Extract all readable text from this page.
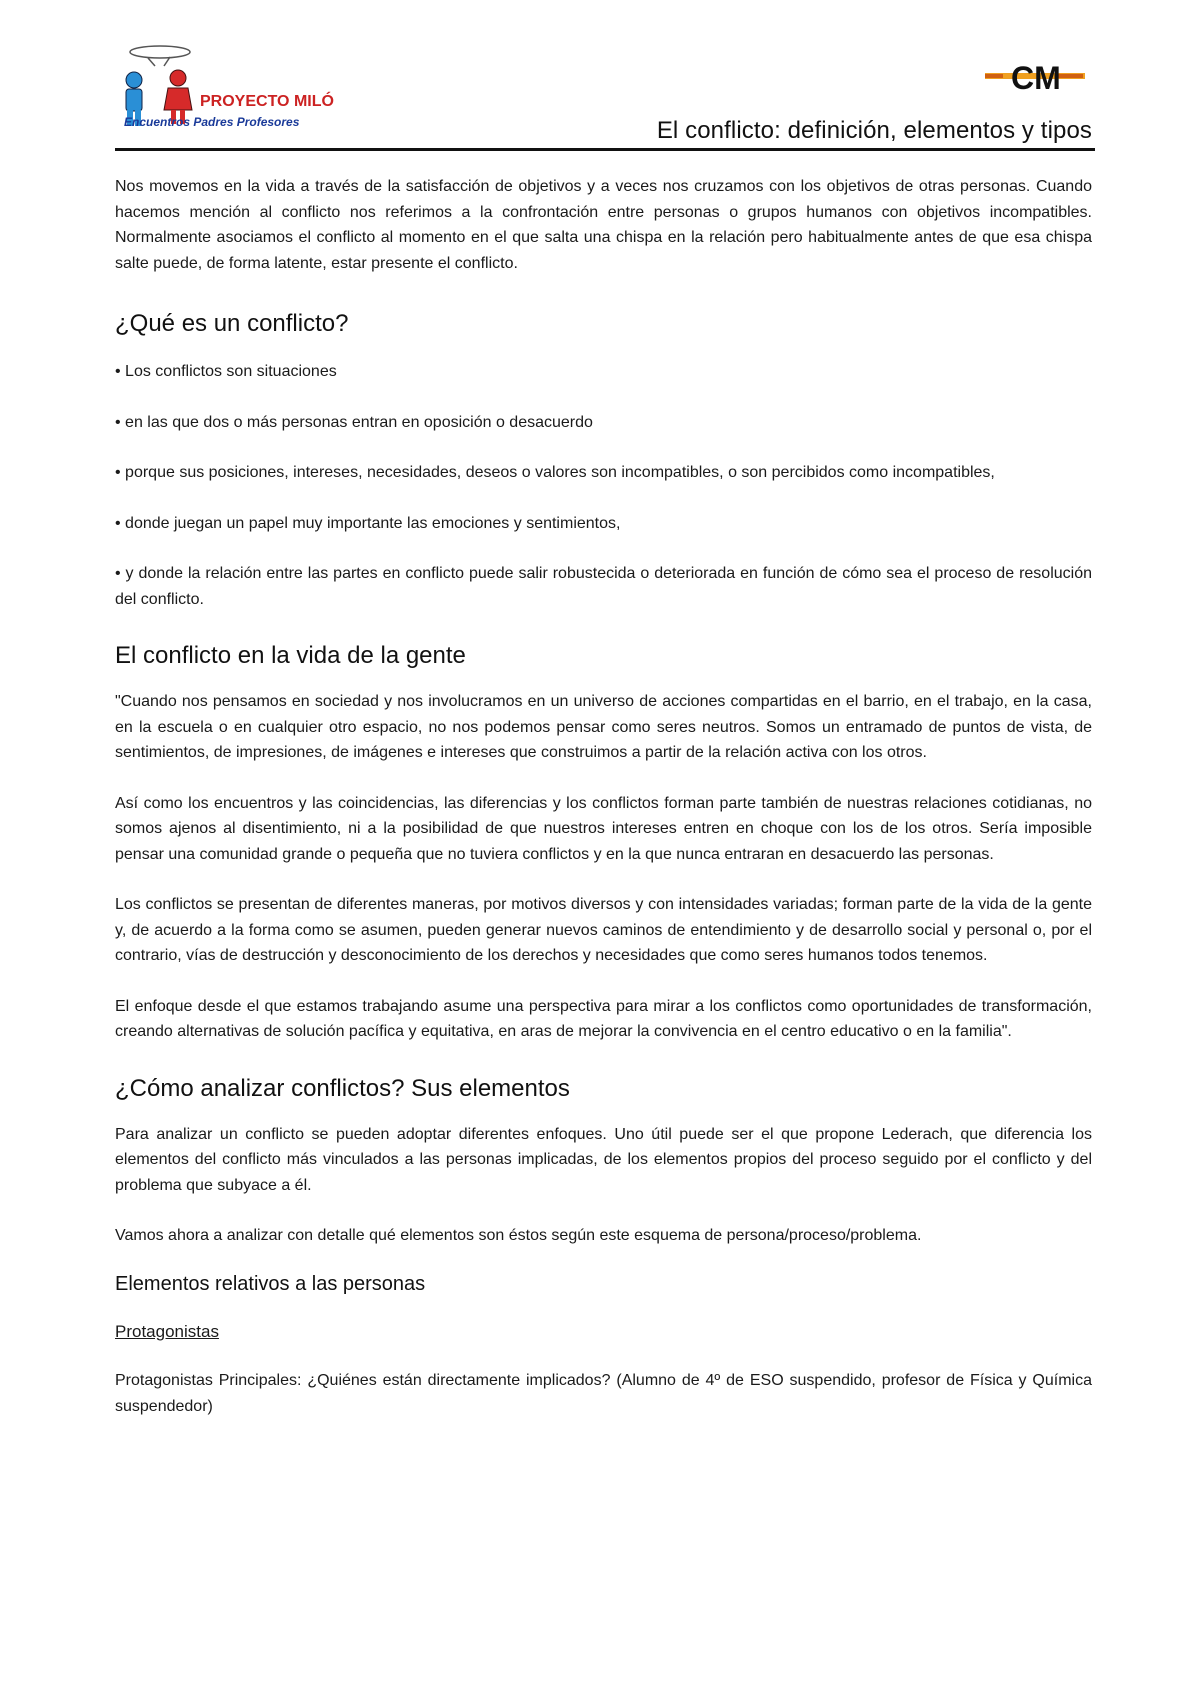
PROYECTO MILÓ
Encuentros Padres Profesores
CM
El conflicto: definición, elementos y tipos

Nos movemos en la vida a través de la satisfacción de objetivos y a veces nos cruzamos con los objetivos de otras personas. Cuando hacemos mención al conflicto nos referimos a la confrontación entre personas o grupos humanos con objetivos incompatibles. Normalmente asociamos el conflicto al momento en el que salta una chispa en la relación pero habitualmente antes de que esa chispa salte puede, de forma latente, estar presente el conflicto.

¿Qué es un conflicto?

• Los conflictos son situaciones

• en las que dos o más personas entran en oposición o desacuerdo

• porque sus posiciones, intereses, necesidades, deseos o valores son incompatibles, o son percibidos como incompatibles,

• donde juegan un papel muy importante las emociones y sentimientos,

• y donde la relación entre las partes en conflicto puede salir robustecida o deteriorada en función de cómo sea el proceso de resolución del conflicto.

El conflicto en la vida de la gente

"Cuando nos pensamos en sociedad y nos involucramos en un universo de acciones compartidas en el barrio, en el trabajo, en la casa, en la escuela o en cualquier otro espacio, no nos podemos pensar como seres neutros. Somos un entramado de puntos de vista, de sentimientos, de impresiones, de imágenes e intereses que construimos a partir de la relación activa con los otros.

Así como los encuentros y las coincidencias, las diferencias y los conflictos forman parte también de nuestras relaciones cotidianas, no somos ajenos al disentimiento, ni a la posibilidad de que nuestros intereses entren en choque con los de los otros. Sería imposible pensar una comunidad grande o pequeña que no tuviera conflictos y en la que nunca entraran en desacuerdo las personas.

Los conflictos se presentan de diferentes maneras, por motivos diversos y con intensidades variadas; forman parte de la vida de la gente y, de acuerdo a la forma como se asumen, pueden generar nuevos caminos de entendimiento y de desarrollo social y personal o, por el contrario, vías de destrucción y desconocimiento de los derechos y necesidades que como seres humanos todos tenemos.

El enfoque desde el que estamos trabajando asume una perspectiva para mirar a los conflictos como oportunidades de transformación, creando alternativas de solución pacífica y equitativa, en aras de mejorar la convivencia en el centro educativo o en la familia".

¿Cómo analizar conflictos? Sus elementos

Para analizar un conflicto se pueden adoptar diferentes enfoques. Uno útil puede ser el que propone Lederach, que diferencia los elementos del conflicto más vinculados a las personas implicadas, de los elementos propios del proceso seguido por el conflicto y del problema que subyace a él.

Vamos ahora a analizar con detalle qué elementos son éstos según este esquema de persona/proceso/problema.

Elementos relativos a las personas

Protagonistas

Protagonistas Principales: ¿Quiénes están directamente implicados? (Alumno de 4º de ESO suspendido, profesor de Física y Química suspendedor)
